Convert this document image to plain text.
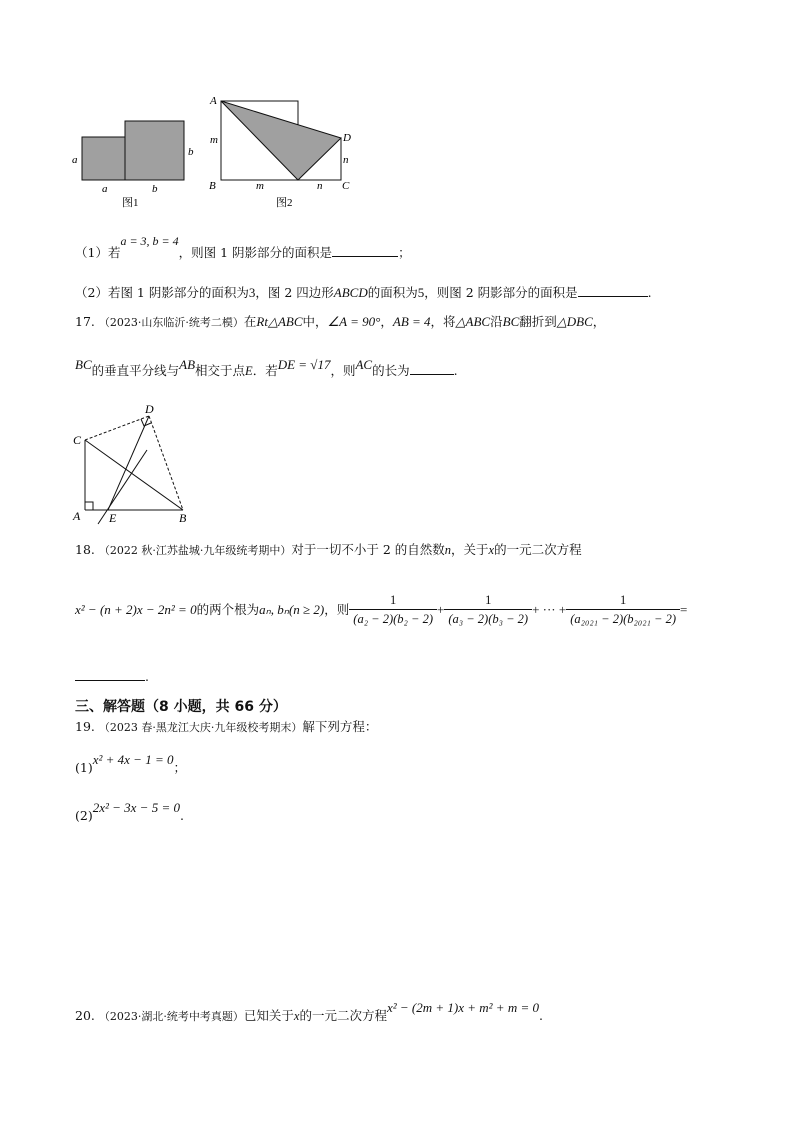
a
b
a	b
图1
A
D
B	C
m
m
n
n
图2
（1）若a = 3, b = 4，则图 1 阴影部分的面积是	；
（2）若图 1 阴影部分的面积为3，图 2 四边形ABCD的面积为5，则图 2 阴影部分的面积是	.
17. （2023·山东临沂·统考二模）在Rt△ABC中，∠A = 90°，AB = 4，将△ABC沿BC翻折到△DBC，
BC的垂直平分线与AB相交于点E．若DE = √17，则AC的长为	.
C
D
A E	B
18. （2022 秋·江苏盐城·九年级统考期中）对于一切不小于 2 的自然数n，关于x的一元二次方程
x² − (n + 2)x − 2n² = 0 的两个根为 aₙ, bₙ(n ≥ 2) ，则 $\frac{1}{\text{(a₂ − 2)(b₂ − 2)}} + \frac{1}{\text{(a₃ − 2)(b₃ − 2)}}$ + ··· + $\frac{1}{\text{(a₂₀₂₁ − 2)(b₂₀₂₁ − 2)}}$ =
.
三、解答题（8 小题，共 66 分）
19. （2023 春·黑龙江大庆·九年级校考期末）解下列方程：
(1)x² + 4x − 1 = 0；
(2)2x² − 3x − 5 = 0.
20. （2023·湖北·统考中考真题）已知关于x的一元二次方程x² − (2m + 1)x + m² + m = 0.
